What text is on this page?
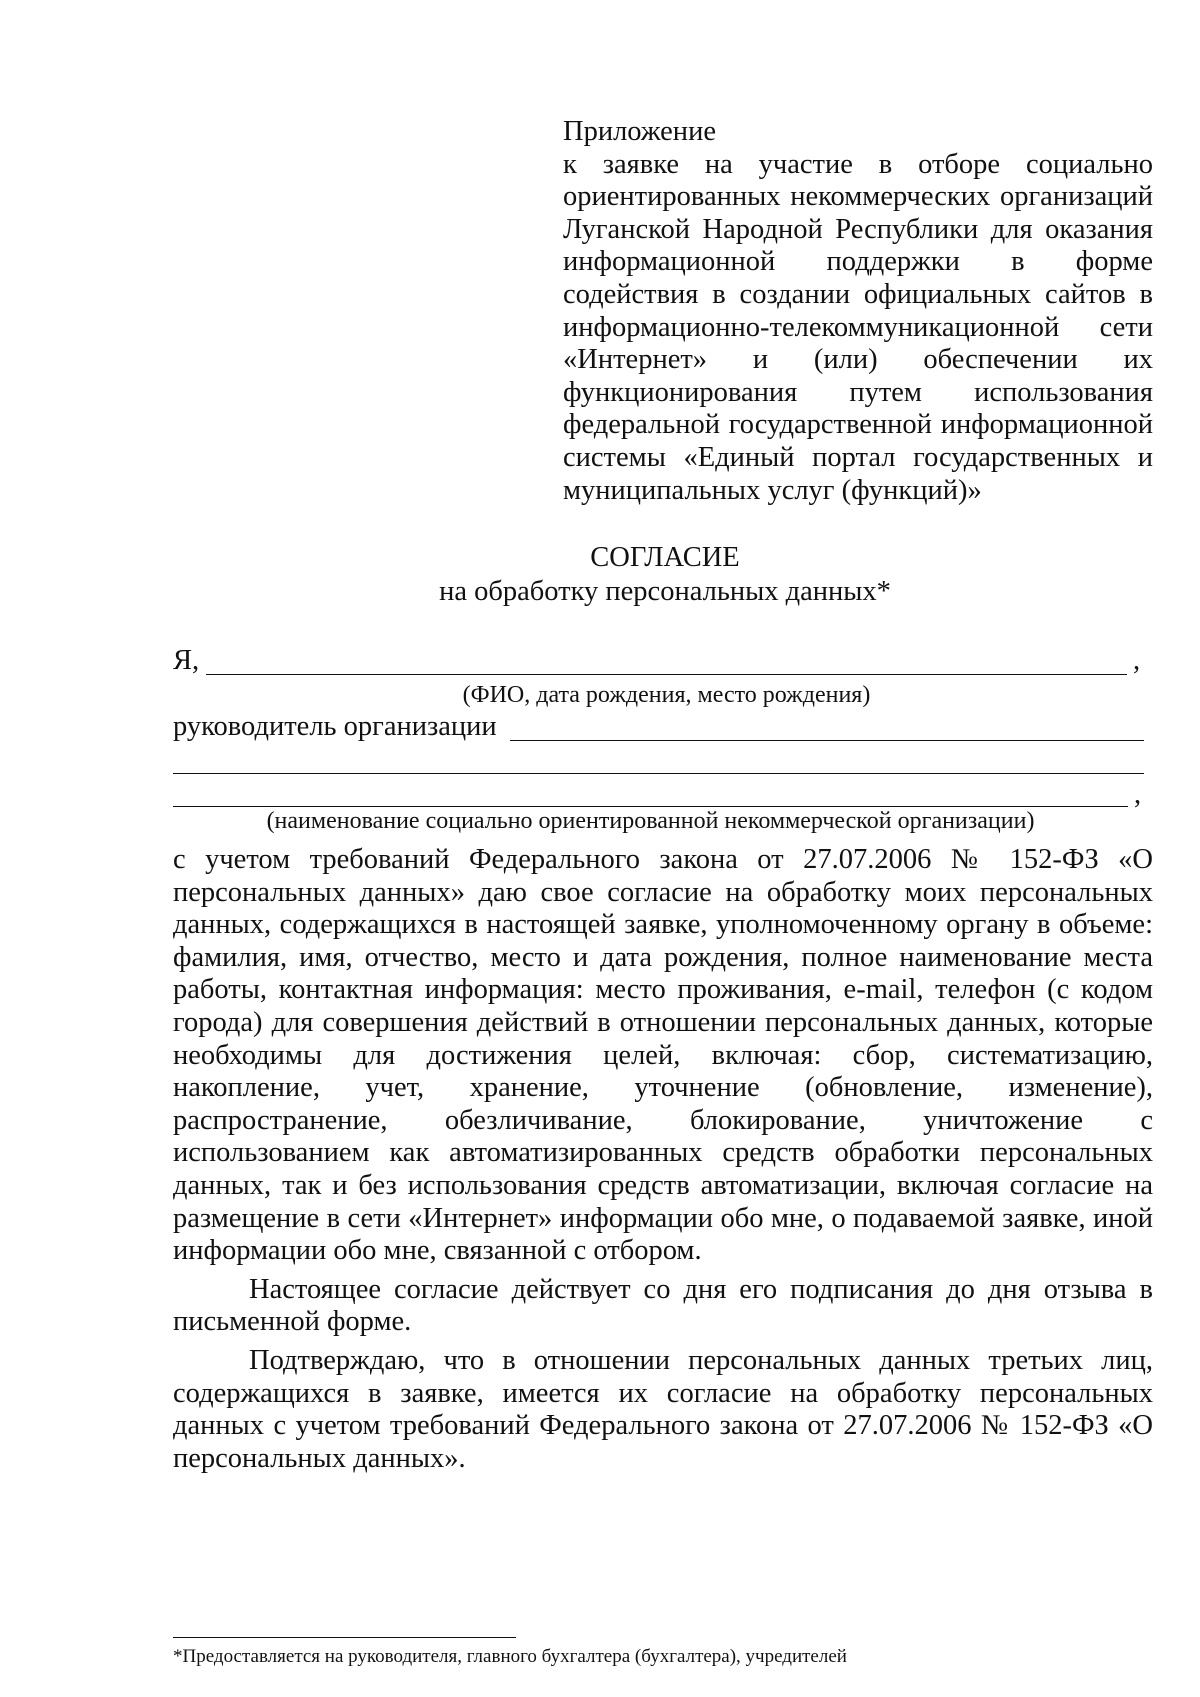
Приложение
к заявке на участие в отборе социально
ориентированных некоммерческих организаций
Луганской Народной Республики для оказания
информационной поддержки в форме
содействия в создании официальных сайтов в
информационно-телекоммуникационной сети
«Интернет» и (или) обеспечении их
функционирования путем использования
федеральной государственной информационной
системы «Единый портал государственных и
муниципальных услуг (функций)»
СОГЛАСИЕ
на обработку персональных данных*
Я,	,
(ФИО, дата рождения, место рождения)
руководитель организации
,
(наименование социально ориентированной некоммерческой организации)

с учетом требований Федерального закона от 27.07.2006 № 152-ФЗ «О персональных данных» даю свое согласие на обработку моих персональных данных, содержащихся в настоящей заявке, уполномоченному органу в объеме: фамилия, имя, отчество, место и дата рождения, полное наименование места работы, контактная информация: место проживания, e-mail, телефон (с кодом города) для совершения действий в отношении персональных данных, которые необходимы для достижения целей, включая: сбор, систематизацию, накопление, учет, хранение, уточнение (обновление, изменение), распространение, обезличивание, блокирование, уничтожение с использованием как автоматизированных средств обработки персональных данных, так и без использования средств автоматизации, включая согласие на размещение в сети «Интернет» информации обо мне, о подаваемой заявке, иной информации обо мне, связанной с отбором.

Настоящее согласие действует со дня его подписания до дня отзыва в письменной форме.

Подтверждаю, что в отношении персональных данных третьих лиц, содержащихся в заявке, имеется их согласие на обработку персональных данных с учетом требований Федерального закона от 27.07.2006 № 152-ФЗ «О персональных данных».

*Предоставляется на руководителя, главного бухгалтера (бухгалтера), учредителей
